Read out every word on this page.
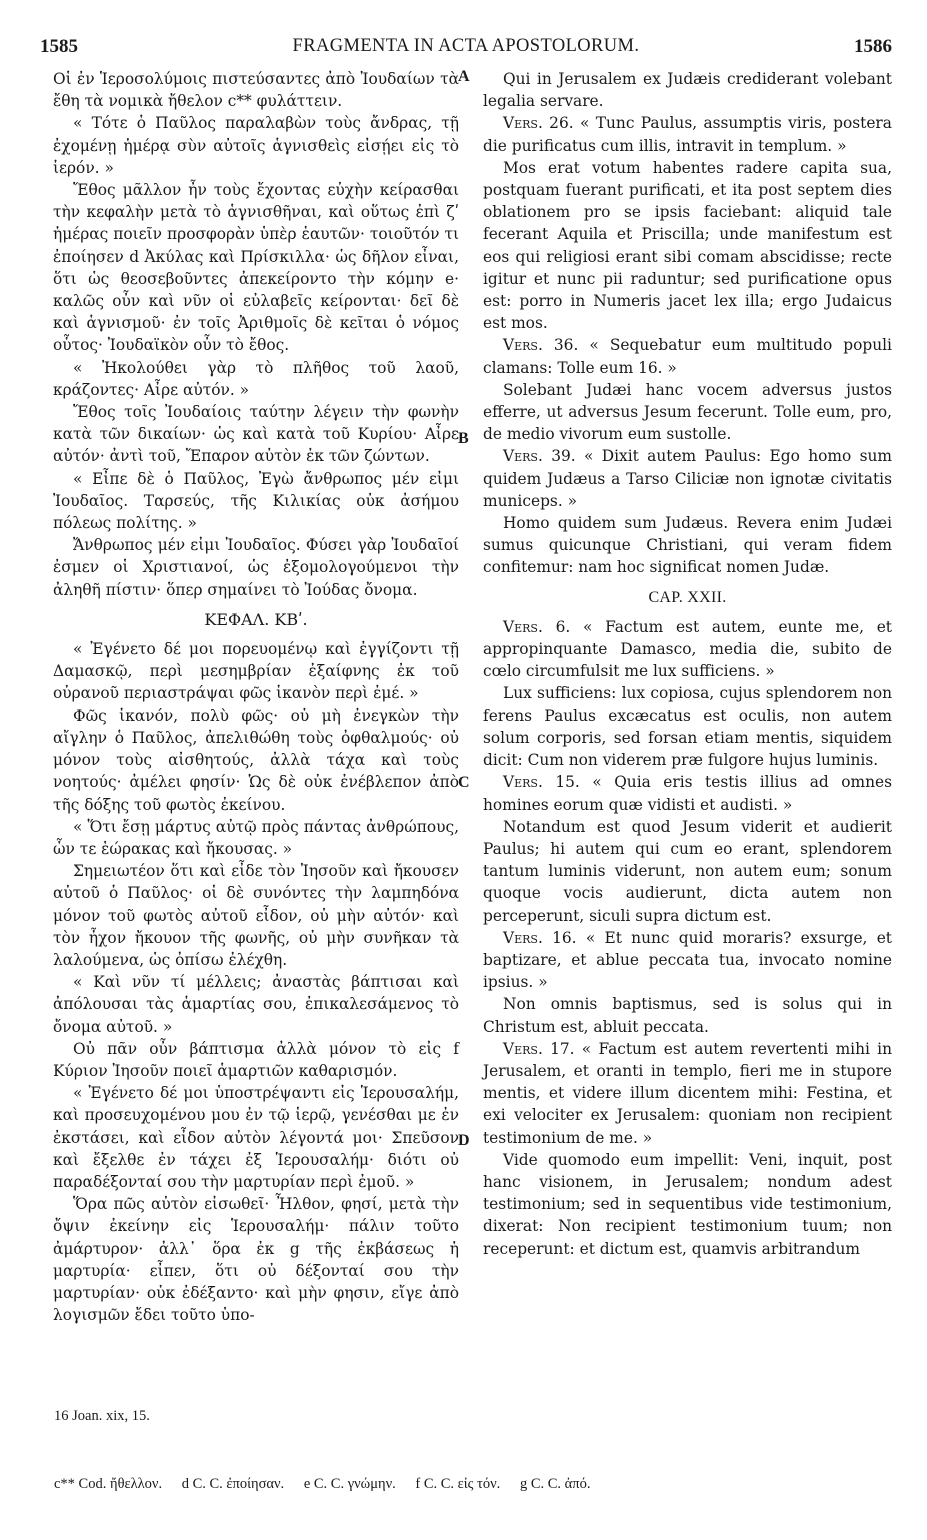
1585	FRAGMENTA IN ACTA APOSTOLORUM.	1586

Οἱ ἐν Ἱεροσολύμοις πιστεύσαντες ἀπὸ Ἰουδαίων τὰ ἔθη τὰ νομικὰ ἤθελον c** φυλάττειν.

« Τότε ὁ Παῦλος παραλαβὼν τοὺς ἄνδρας, τῇ ἐχομένῃ ἡμέρᾳ σὺν αὐτοῖς ἁγνισθεὶς εἰσῄει εἰς τὸ ἱερόν. »

Ἔθος μᾶλλον ἦν τοὺς ἔχοντας εὐχὴν κείρασθαι τὴν κεφαλὴν μετὰ τὸ ἁγνισθῆναι, καὶ οὕτως ἐπὶ ζʹ ἡμέρας ποιεῖν προσφορὰν ὑπὲρ ἑαυτῶν· τοιοῦτόν τι ἐποίησεν d Ἀκύλας καὶ Πρίσκιλλα· ὡς δῆλον εἶναι, ὅτι ὡς θεοσεβοῦντες ἀπεκείροντο τὴν κόμην e· καλῶς οὖν καὶ νῦν οἱ εὐλαβεῖς κείρονται· δεῖ δὲ καὶ ἁγνισμοῦ· ἐν τοῖς Ἀριθμοῖς δὲ κεῖται ὁ νόμος οὗτος· Ἰουδαϊκὸν οὖν τὸ ἔθος.

« Ἠκολούθει γὰρ τὸ πλῆθος τοῦ λαοῦ, κράζοντες· Αἶρε αὐτόν. »

Ἔθος τοῖς Ἰουδαίοις ταύτην λέγειν τὴν φωνὴν κατὰ τῶν δικαίων· ὡς καὶ κατὰ τοῦ Κυρίου· Αἶρε αὐτόν· ἀντὶ τοῦ, Ἔπαρον αὐτὸν ἐκ τῶν ζώντων.

« Εἶπε δὲ ὁ Παῦλος, Ἐγὼ ἄνθρωπος μέν εἰμι Ἰουδαῖος. Ταρσεύς, τῆς Κιλικίας οὐκ ἀσήμου πόλεως πολίτης. »

Ἄνθρωπος μέν εἰμι Ἰουδαῖος. Φύσει γὰρ Ἰουδαῖοί ἐσμεν οἱ Χριστιανοί, ὡς ἐξομολογούμενοι τὴν ἀληθῆ πίστιν· ὅπερ σημαίνει τὸ Ἰούδας ὄνομα.

ΚΕΦΑΛ. ΚΒʹ.

« Ἐγένετο δέ μοι πορευομένῳ καὶ ἐγγίζοντι τῇ Δαμασκῷ, περὶ μεσημβρίαν ἐξαίφνης ἐκ τοῦ οὐρανοῦ περιαστράψαι φῶς ἱκανὸν περὶ ἐμέ. »

Φῶς ἱκανόν, πολὺ φῶς· οὐ μὴ ἐνεγκὼν τὴν αἴγλην ὁ Παῦλος, ἀπελιθώθη τοὺς ὀφθαλμούς· οὐ μόνον τοὺς αἰσθητούς, ἀλλὰ τάχα καὶ τοὺς νοητούς· ἀμέλει φησίν· Ὡς δὲ οὐκ ἐνέβλεπον ἀπὸ τῆς δόξης τοῦ φωτὸς ἐκείνου.

« Ὅτι ἔσῃ μάρτυς αὐτῷ πρὸς πάντας ἀνθρώπους, ὧν τε ἑώρακας καὶ ἤκουσας. »

Σημειωτέον ὅτι καὶ εἶδε τὸν Ἰησοῦν καὶ ἤκουσεν αὐτοῦ ὁ Παῦλος· οἱ δὲ συνόντες τὴν λαμπηδόνα μόνον τοῦ φωτὸς αὐτοῦ εἶδον, οὐ μὴν αὐτόν· καὶ τὸν ἦχον ἤκουον τῆς φωνῆς, οὐ μὴν συνῆκαν τὰ λαλούμενα, ὡς ὀπίσω ἐλέχθη.

« Καὶ νῦν τί μέλλεις; ἀναστὰς βάπτισαι καὶ ἀπόλουσαι τὰς ἁμαρτίας σου, ἐπικαλεσάμενος τὸ ὄνομα αὐτοῦ. »

Οὐ πᾶν οὖν βάπτισμα ἀλλὰ μόνον τὸ εἰς f Κύριον Ἰησοῦν ποιεῖ ἁμαρτιῶν καθαρισμόν.

« Ἐγένετο δέ μοι ὑποστρέψαντι εἰς Ἱερουσαλήμ, καὶ προσευχομένου μου ἐν τῷ ἱερῷ, γενέσθαι με ἐν ἐκστάσει, καὶ εἶδον αὐτὸν λέγοντά μοι· Σπεῦσον καὶ ἔξελθε ἐν τάχει ἐξ Ἱερουσαλήμ· διότι οὐ παραδέξονταί σου τὴν μαρτυρίαν περὶ ἐμοῦ. »

Ὅρα πῶς αὐτὸν εἰσωθεῖ· Ἦλθον, φησί, μετὰ τὴν ὄψιν ἐκείνην εἰς Ἱερουσαλήμ· πάλιν τοῦτο ἀμάρτυρον· ἀλλ᾽ ὅρα ἐκ g τῆς ἐκβάσεως ἡ μαρτυρία· εἶπεν, ὅτι οὐ δέξονταί σου τὴν μαρτυρίαν· οὐκ ἐδέξαντο· καὶ μὴν φησιν, εἴγε ἀπὸ λογισμῶν ἔδει τοῦτο ὑπο-

A
B
C
D

Qui in Jerusalem ex Judæis crediderant volebant legalia servare.

Vers. 26. « Tunc Paulus, assumptis viris, postera die purificatus cum illis, intravit in templum. »

Mos erat votum habentes radere capita sua, postquam fuerant purificati, et ita post septem dies oblationem pro se ipsis faciebant: aliquid tale fecerant Aquila et Priscilla; unde manifestum est eos qui religiosi erant sibi comam abscidisse; recte igitur et nunc pii raduntur; sed purificatione opus est: porro in Numeris jacet lex illa; ergo Judaicus est mos.

Vers. 36. « Sequebatur eum multitudo populi clamans: Tolle eum 16. »

Solebant Judæi hanc vocem adversus justos efferre, ut adversus Jesum fecerunt. Tolle eum, pro, de medio vivorum eum sustolle.

Vers. 39. « Dixit autem Paulus: Ego homo sum quidem Judæus a Tarso Ciliciæ non ignotæ civitatis municeps. »

Homo quidem sum Judæus. Revera enim Judæi sumus quicunque Christiani, qui veram fidem confitemur: nam hoc significat nomen Judæ.

CAP. XXII.

Vers. 6. « Factum est autem, eunte me, et appropinquante Damasco, media die, subito de cœlo circumfulsit me lux sufficiens. »

Lux sufficiens: lux copiosa, cujus splendorem non ferens Paulus excæcatus est oculis, non autem solum corporis, sed forsan etiam mentis, siquidem dicit: Cum non viderem præ fulgore hujus luminis.

Vers. 15. « Quia eris testis illius ad omnes homines eorum quæ vidisti et audisti. »

Notandum est quod Jesum viderit et audierit Paulus; hi autem qui cum eo erant, splendorem tantum luminis viderunt, non autem eum; sonum quoque vocis audierunt, dicta autem non perceperunt, siculi supra dictum est.

Vers. 16. « Et nunc quid moraris? exsurge, et baptizare, et ablue peccata tua, invocato nomine ipsius. »

Non omnis baptismus, sed is solus qui in Christum est, abluit peccata.

Vers. 17. « Factum est autem revertenti mihi in Jerusalem, et oranti in templo, fieri me in stupore mentis, et videre illum dicentem mihi: Festina, et exi velociter ex Jerusalem: quoniam non recipient testimonium de me. »

Vide quomodo eum impellit: Veni, inquit, post hanc visionem, in Jerusalem; nondum adest testimonium; sed in sequentibus vide testimonium, dixerat: Non recipient testimonium tuum; non receperunt: et dictum est, quamvis arbitrandum

16 Joan. xix, 15.
c** Cod. ἤθελλον. d C. C. ἐποίησαν. e C. C. γνώμην. f C. C. εἰς τόν. g C. C. ἀπό.
